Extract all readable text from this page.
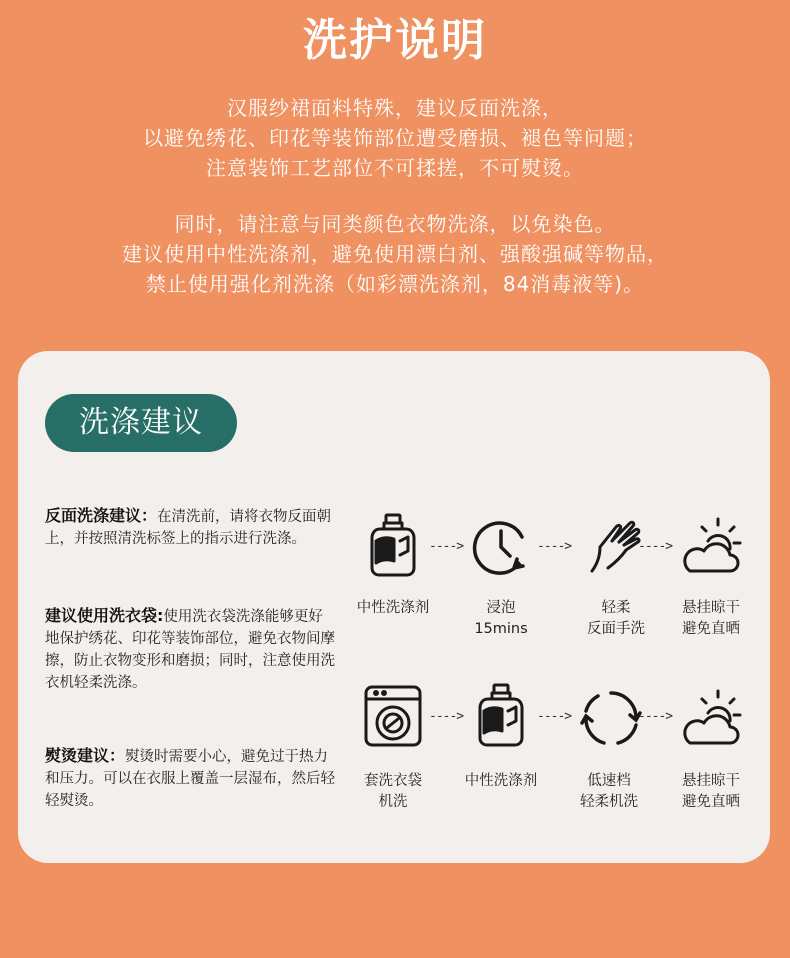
洗护说明

汉服纱裙面料特殊，建议反面洗涤，

以避免绣花、印花等装饰部位遭受磨损、褪色等问题；

注意装饰工艺部位不可揉搓，不可熨烫。

同时，请注意与同类颜色衣物洗涤，以免染色。

建议使用中性洗涤剂，避免使用漂白剂、强酸强碱等物品，

禁止使用强化剂洗涤（如彩漂洗涤剂，84消毒液等)。

洗涤建议

反面洗涤建议：在清洗前，请将衣物反面朝上，并按照清洗标签上的指示进行洗涤。

建议使用洗衣袋:使用洗衣袋洗涤能够更好地保护绣花、印花等装饰部位，避免衣物间摩擦，防止衣物变形和磨损；同时，注意使用洗衣机轻柔洗涤。

熨烫建议：熨烫时需要小心，避免过于热力和压力。可以在衣服上覆盖一层湿布，然后轻轻熨烫。

---->	---->	---->

中性洗涤剂	浸泡
15mins

轻柔
反面手洗

悬挂晾干
避免直晒

---->	---->	---->

套洗衣袋
机洗

中性洗涤剂	低速档
轻柔机洗

悬挂晾干
避免直晒
